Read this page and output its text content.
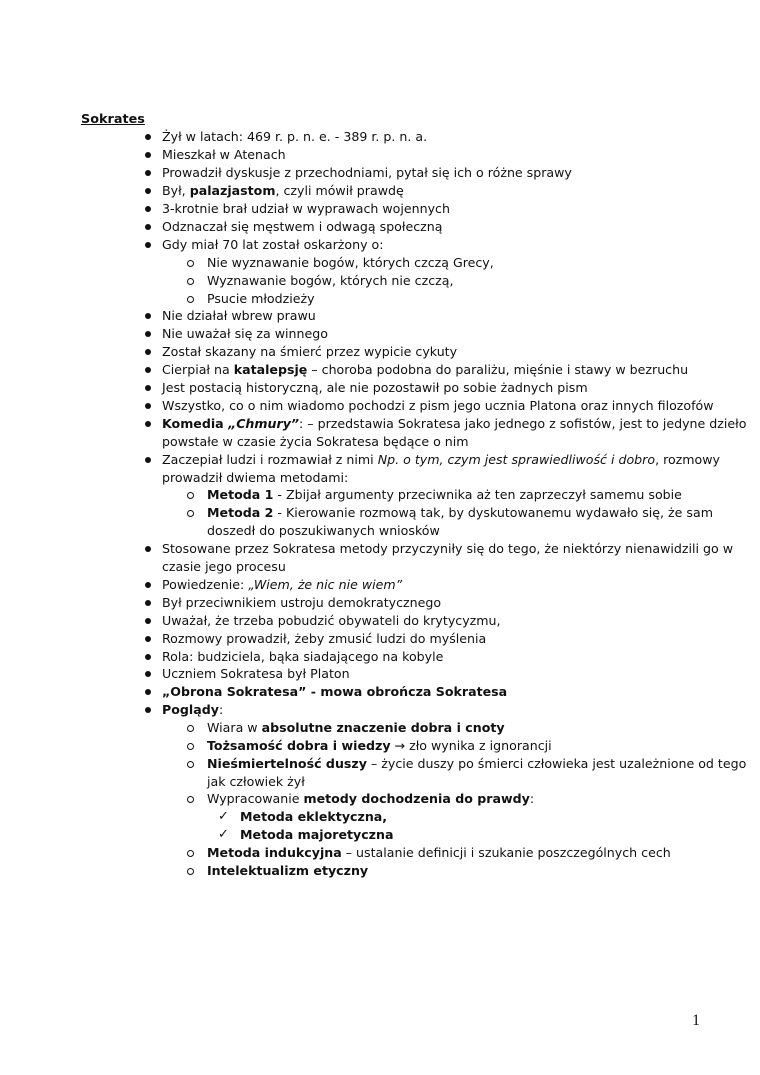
Sokrates
Żył w latach: 469 r. p. n. e. - 389 r. p. n. a.
Mieszkał w Atenach
Prowadził dyskusje z przechodniami, pytał się ich o różne sprawy
Był, palazjastom, czyli mówił prawdę
3-krotnie brał udział w wyprawach wojennych
Odznaczał się męstwem i odwagą społeczną
Gdy miał 70 lat został oskarżony o:
Nie wyznawanie bogów, których czczą Grecy,
Wyznawanie bogów, których nie czczą,
Psucie młodzieży
Nie działał wbrew prawu
Nie uważał się za winnego
Został skazany na śmierć przez wypicie cykuty
Cierpiał na katalepsję – choroba podobna do paraliżu, mięśnie i stawy w bezruchu
Jest postacią historyczną, ale nie pozostawił po sobie żadnych pism
Wszystko, co o nim wiadomo pochodzi z pism jego ucznia Platona oraz innych filozofów
Komedia „Chmury”: – przedstawia Sokratesa jako jednego z sofistów, jest to jedyne dzieło
powstałe w czasie życia Sokratesa będące o nim
Zaczepiał ludzi i rozmawiał z nimi Np. o tym, czym jest sprawiedliwość i dobro, rozmowy
prowadził dwiema metodami:
Metoda 1 - Zbijał argumenty przeciwnika aż ten zaprzeczył samemu sobie
Metoda 2 - Kierowanie rozmową tak, by dyskutowanemu wydawało się, że sam
doszedł do poszukiwanych wniosków
Stosowane przez Sokratesa metody przyczyniły się do tego, że niektórzy nienawidzili go w
czasie jego procesu
Powiedzenie: „Wiem, że nic nie wiem”
Był przeciwnikiem ustroju demokratycznego
Uważał, że trzeba pobudzić obywateli do krytycyzmu,
Rozmowy prowadził, żeby zmusić ludzi do myślenia
Rola: budziciela, bąka siadającego na kobyle
Uczniem Sokratesa był Platon
„Obrona Sokratesa” - mowa obrończa Sokratesa
Poglądy:
Wiara w absolutne znaczenie dobra i cnoty
Tożsamość dobra i wiedzy → zło wynika z ignorancji
Nieśmiertelność duszy – życie duszy po śmierci człowieka jest uzależnione od tego
jak człowiek żył
Wypracowanie metody dochodzenia do prawdy:
✓ Metoda eklektyczna,
✓ Metoda majoretyczna
Metoda indukcyjna – ustalanie definicji i szukanie poszczególnych cech
Intelektualizm etyczny
1
